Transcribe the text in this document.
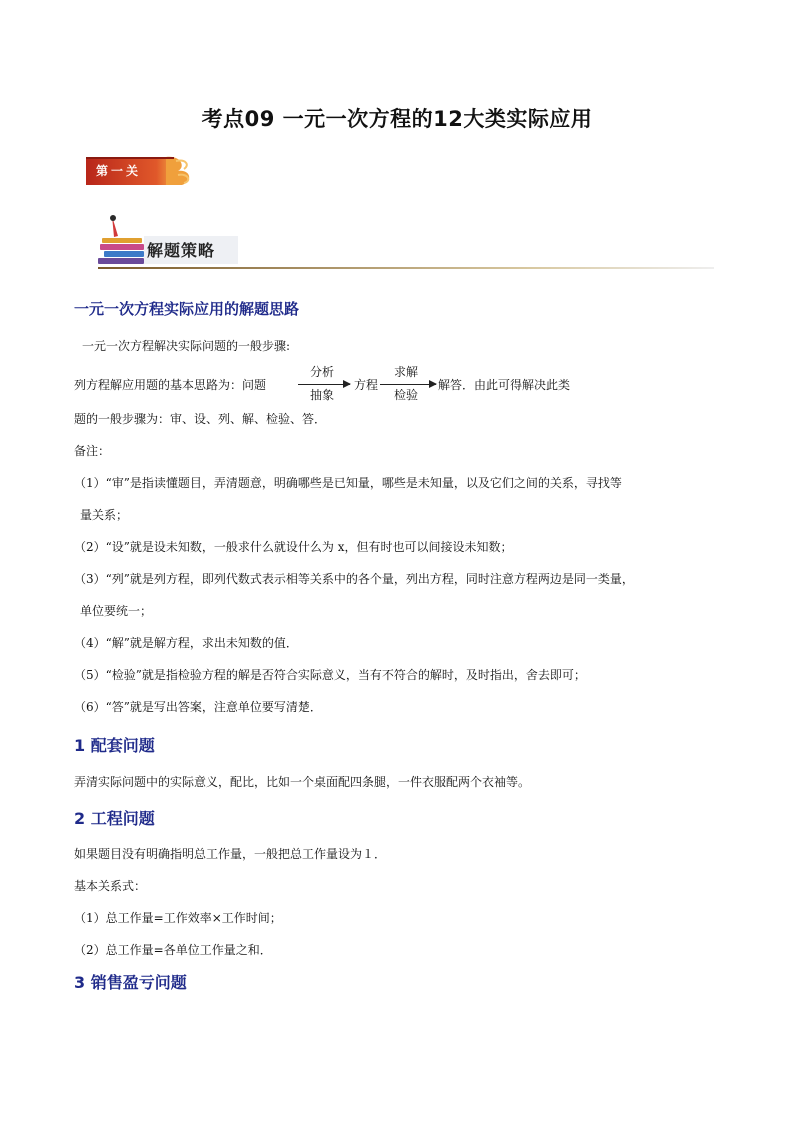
考点09 一元一次方程的12大类实际应用
第一关
解题策略
一元一次方程实际应用的解题思路
一元一次方程解决实际问题的一般步骤:
列方程解应用题的基本思路为：问题
分析
抽象
方程
求解
检验
解答．由此可得解决此类
题的一般步骤为：审、设、列、解、检验、答．
备注：
（1）“审”是指读懂题目，弄清题意，明确哪些是已知量，哪些是未知量，以及它们之间的关系，寻找等
量关系；
（2）“设”就是设未知数，一般求什么就设什么为 x，但有时也可以间接设未知数；
（3）“列”就是列方程，即列代数式表示相等关系中的各个量，列出方程，同时注意方程两边是同一类量，
单位要统一；
（4）“解”就是解方程，求出未知数的值．
（5）“检验”就是指检验方程的解是否符合实际意义，当有不符合的解时，及时指出，舍去即可；
（6）“答”就是写出答案，注意单位要写清楚．
1 配套问题
弄清实际问题中的实际意义，配比，比如一个桌面配四条腿，一件衣服配两个衣袖等。
2 工程问题
如果题目没有明确指明总工作量，一般把总工作量设为１．
基本关系式：
（1）总工作量=工作效率×工作时间；
（2）总工作量=各单位工作量之和．
3 销售盈亏问题
